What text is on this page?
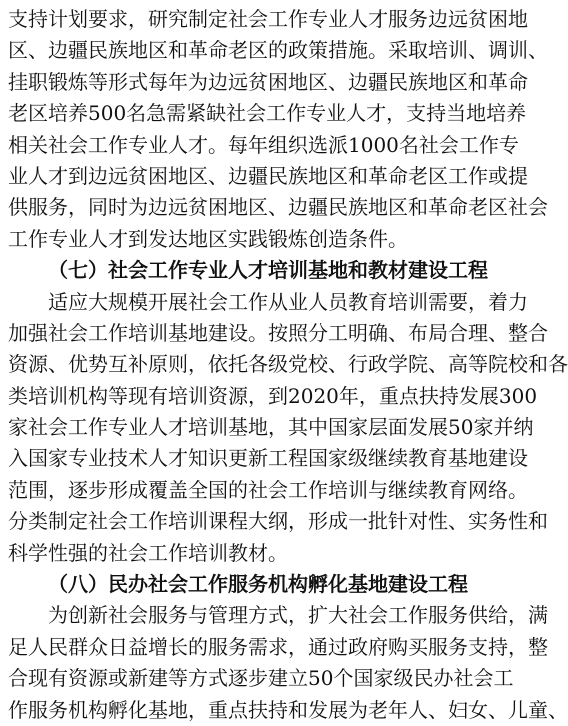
支持计划要求，研究制定社会工作专业人才服务边远贫困地
区、边疆民族地区和革命老区的政策措施。采取培训、调训、
挂职锻炼等形式每年为边远贫困地区、边疆民族地区和革命
老区培养500名急需紧缺社会工作专业人才，支持当地培养
相关社会工作专业人才。每年组织选派1000名社会工作专
业人才到边远贫困地区、边疆民族地区和革命老区工作或提
供服务，同时为边远贫困地区、边疆民族地区和革命老区社会
工作专业人才到发达地区实践锻炼创造条件。
（七）社会工作专业人才培训基地和教材建设工程
适应大规模开展社会工作从业人员教育培训需要，着力
加强社会工作培训基地建设。按照分工明确、布局合理、整合
资源、优势互补原则，依托各级党校、行政学院、高等院校和各
类培训机构等现有培训资源，到2020年，重点扶持发展300
家社会工作专业人才培训基地，其中国家层面发展50家并纳
入国家专业技术人才知识更新工程国家级继续教育基地建设
范围，逐步形成覆盖全国的社会工作培训与继续教育网络。
分类制定社会工作培训课程大纲，形成一批针对性、实务性和
科学性强的社会工作培训教材。
（八）民办社会工作服务机构孵化基地建设工程
为创新社会服务与管理方式，扩大社会工作服务供给，满
足人民群众日益增长的服务需求，通过政府购买服务支持，整
合现有资源或新建等方式逐步建立50个国家级民办社会工
作服务机构孵化基地，重点扶持和发展为老年人、妇女、儿童、
